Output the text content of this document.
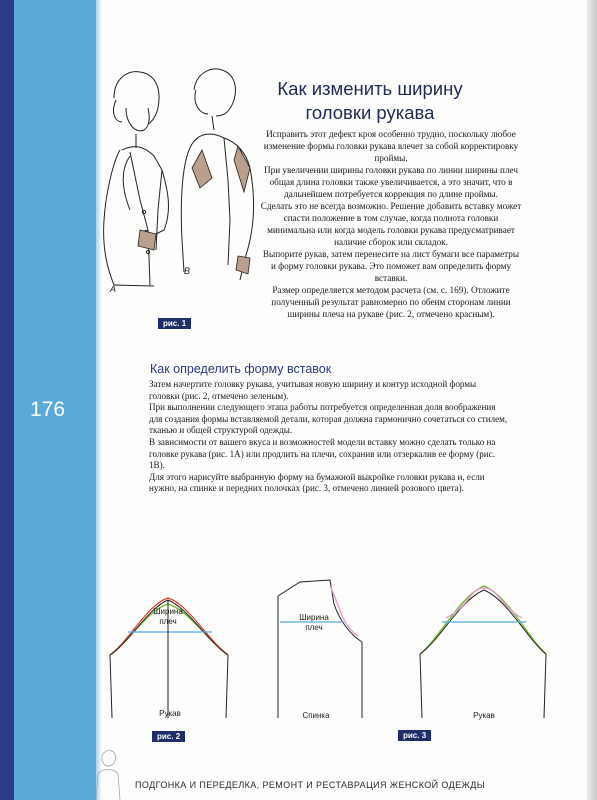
176
A
B
рис. 1
Как изменить ширину
головки рукава

Исправить этот дефект кроя особенно трудно, поскольку любое изменение формы головки рукава влечет за собой корректировку проймы.

При увеличении ширины головки рукава по линии ширины плеч общая длина головки также увеличивается, а это значит, что в дальнейшем потребуется коррекция по длине проймы.

Сделать это не всегда возможно. Решение добавить вставку может спасти положение в том случае, когда полнота головки минимальна или когда модель головки рукава предусматривает наличие сборок или складок.

Выпорите рукав, затем перенесите на лист бумаги все параметры и форму головки рукава. Это поможет вам определить форму вставки.

Размер определяется методом расчета (см. с. 169). Отложите полученный результат равномерно по обеим сторонам линии ширины плеча на рукаве (рис. 2, отмечено красным).

Как определить форму вставок

Затем начертите головку рукава, учитывая новую ширину и контур исходной формы головки (рис. 2, отмечено зеленым).

При выполнении следующего этапа работы потребуется определенная доля воображения для создания формы вставляемой детали, которая должна гармонично сочетаться со стилем, тканью и общей структурой одежды.

В зависимости от вашего вкуса и возможностей модели вставку можно сделать только на головке рукава (рис. 1А) или продлить на плечи, сохранив или отзеркалив ее форму (рис. 1В).

Для этого нарисуйте выбранную форму на бумажной выкройке головки рукава и, если нужно, на спинке и передних полочках (рис. 3, отмечено линией розового цвета).

Ширина
плеч
Рукав
рис. 2
Ширина
плеч
Спинка	Рукав
рис. 3
ПОДГОНКА И ПЕРЕДЕЛКА, РЕМОНТ И РЕСТАВРАЦИЯ ЖЕНСКОЙ ОДЕЖДЫ
